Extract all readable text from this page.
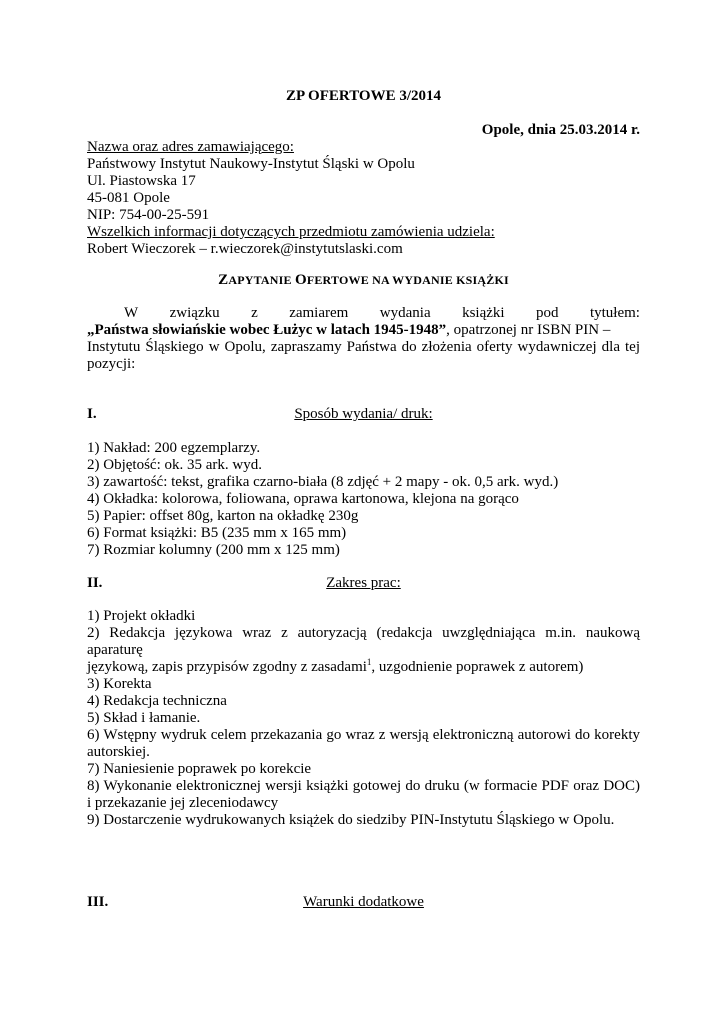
ZP OFERTOWE 3/2014
Opole, dnia 25.03.2014 r.
Nazwa oraz adres zamawiającego:
Państwowy Instytut Naukowy-Instytut Śląski w Opolu
Ul. Piastowska 17
45-081 Opole
NIP: 754-00-25-591
Wszelkich informacji dotyczących przedmiotu zamówienia udziela:
Robert Wieczorek – r.wieczorek@instytutslaski.com
ZAPYTANIE OFERTOWE NA WYDANIE KSIĄŻKI
W związku z zamiarem wydania książki pod tytułem:
„Państwa słowiańskie wobec Łużyc w latach 1945-1948”, opatrzonej nr ISBN PIN –
Instytutu Śląskiego w Opolu, zapraszamy Państwa do złożenia oferty wydawniczej dla tej
pozycji:
I.	Sposób wydania/ druk:
1) Nakład: 200 egzemplarzy.
2) Objętość: ok. 35 ark. wyd.
3) zawartość: tekst, grafika czarno-biała (8 zdjęć + 2 mapy - ok. 0,5 ark. wyd.)
4) Okładka: kolorowa, foliowana, oprawa kartonowa, klejona na gorąco
5) Papier: offset 80g, karton na okładkę 230g
6) Format książki: B5 (235 mm x 165 mm)
7) Rozmiar kolumny (200 mm x 125 mm)
II.	Zakres prac:
1) Projekt okładki
2) Redakcja językowa wraz z autoryzacją (redakcja uwzględniająca m.in. naukową aparaturę
językową, zapis przypisów zgodny z zasadami$^1$, uzgodnienie poprawek z autorem)
3) Korekta
4) Redakcja techniczna
5) Skład i łamanie.
6) Wstępny wydruk celem przekazania go wraz z wersją elektroniczną autorowi do korekty
autorskiej.
7) Naniesienie poprawek po korekcie
8) Wykonanie elektronicznej wersji książki gotowej do druku (w formacie PDF oraz DOC)
i przekazanie jej zleceniodawcy
9) Dostarczenie wydrukowanych książek do siedziby PIN-Instytutu Śląskiego w Opolu.
III.	Warunki dodatkowe
